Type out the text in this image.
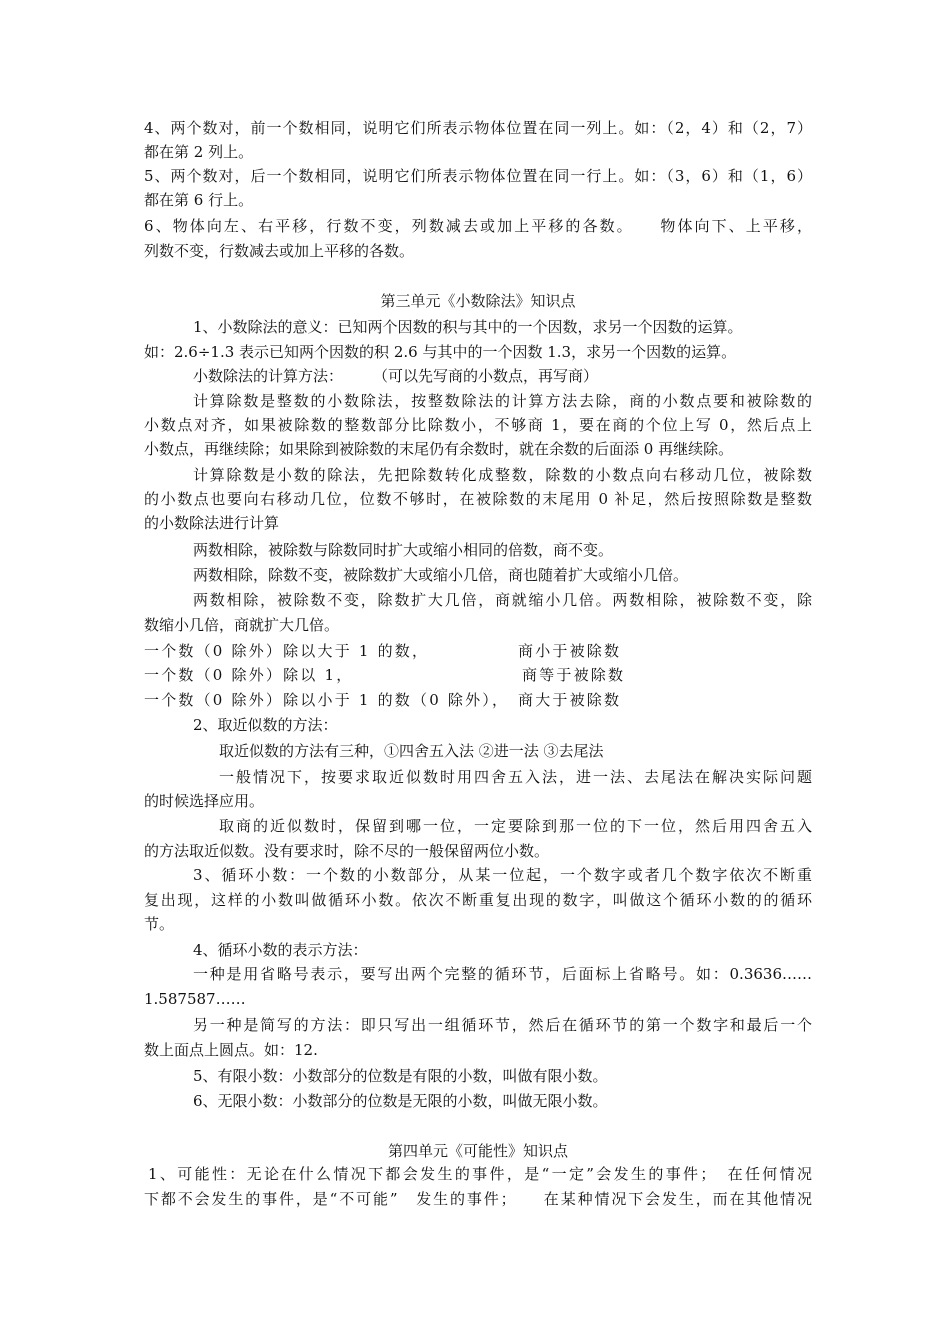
4、两个数对，前一个数相同，说明它们所表示物体位置在同一列上。如：（2，4）和（2，7）
都在第 2 列上。
5、两个数对，后一个数相同，说明它们所表示物体位置在同一行上。如：（3，6）和（1，6）
都在第 6 行上。
6、物体向左、右平移，行数不变，列数减去或加上平移的各数。　　物体向下、上平移，
列数不变，行数减去或加上平移的各数。
第三单元《小数除法》知识点
1、小数除法的意义：已知两个因数的积与其中的一个因数，求另一个因数的运算。
如：2.6÷1.3 表示已知两个因数的积 2.6 与其中的一个因数 1.3，求另一个因数的运算。
小数除法的计算方法：　　　（可以先写商的小数点，再写商）
计算除数是整数的小数除法，按整数除法的计算方法去除，商的小数点要和被除数的
小数点对齐，如果被除数的整数部分比除数小，不够商 1，要在商的个位上写 0，然后点上
小数点，再继续除；如果除到被除数的末尾仍有余数时，就在余数的后面添 0 再继续除。
计算除数是小数的除法，先把除数转化成整数，除数的小数点向右移动几位，被除数
的小数点也要向右移动几位，位数不够时，在被除数的末尾用 0 补足，然后按照除数是整数
的小数除法进行计算
两数相除，被除数与除数同时扩大或缩小相同的倍数，商不变。
两数相除，除数不变，被除数扩大或缩小几倍，商也随着扩大或缩小几倍。
两数相除，被除数不变，除数扩大几倍，商就缩小几倍。两数相除，被除数不变，除
数缩小几倍，商就扩大几倍。
一个数（0 除外）除以大于 1 的数，	商小于被除数
一个数（0 除外）除以 1，	商等于被除数
一个数（0 除外）除以小于 1 的数（0 除外）， 商大于被除数
2、取近似数的方法：
取近似数的方法有三种，①四舍五入法 ②进一法 ③去尾法
一般情况下，按要求取近似数时用四舍五入法，进一法、去尾法在解决实际问题
的时候选择应用。
取商的近似数时，保留到哪一位，一定要除到那一位的下一位，然后用四舍五入
的方法取近似数。没有要求时，除不尽的一般保留两位小数。
3、循环小数：一个数的小数部分，从某一位起，一个数字或者几个数字依次不断重
复出现，这样的小数叫做循环小数。依次不断重复出现的数字，叫做这个循环小数的的循环
节。
4、循环小数的表示方法：
一种是用省略号表示，要写出两个完整的循环节，后面标上省略号。如：0.3636……
1.587587……
另一种是简写的方法：即只写出一组循环节，然后在循环节的第一个数字和最后一个
数上面点上圆点。如：12.
5、有限小数：小数部分的位数是有限的小数，叫做有限小数。
6、无限小数：小数部分的位数是无限的小数，叫做无限小数。
第四单元《可能性》知识点
1、可能性：无论在什么情况下都会发生的事件，是“一定”会发生的事件；　在任何情况
下都不会发生的事件，是“不可能”　发生的事件；　　在某种情况下会发生，而在其他情况
